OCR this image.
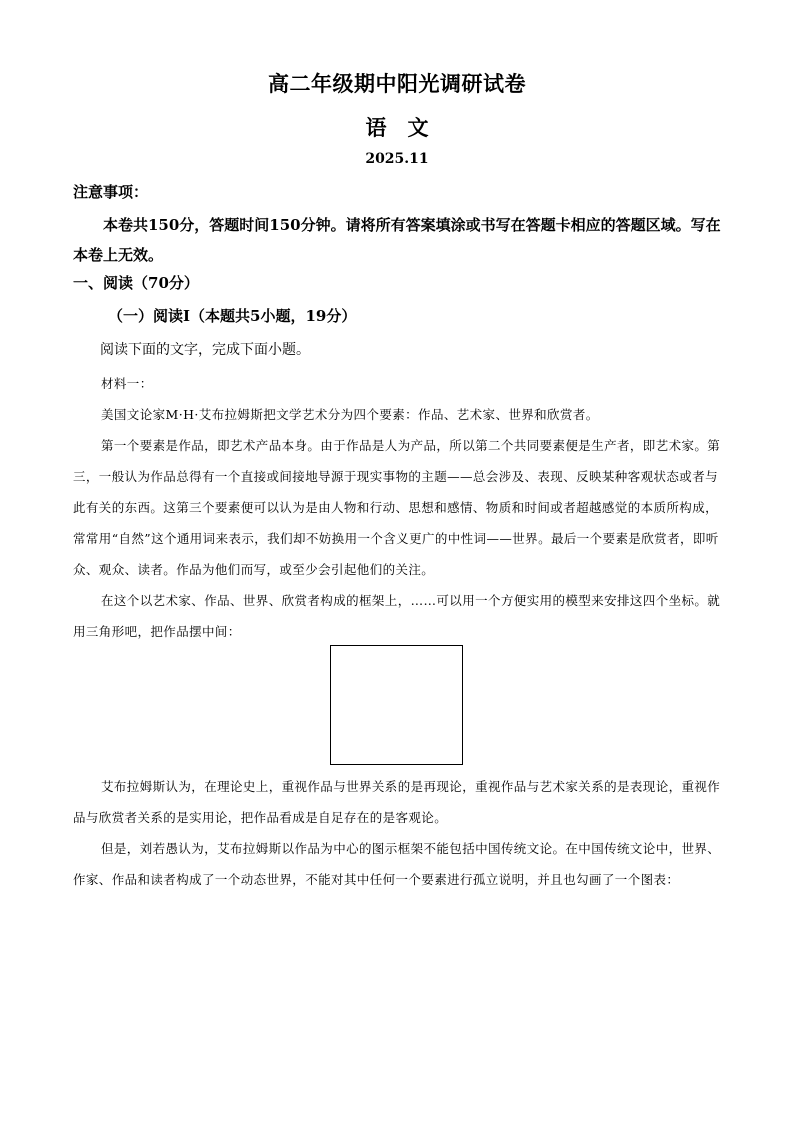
高二年级期中阳光调研试卷
语　文
2025.11
注意事项：
本卷共150分，答题时间150分钟。请将所有答案填涂或书写在答题卡相应的答题区域。写在本卷上无效。
一、阅读（70分）
（一）阅读Ⅰ（本题共5小题，19分）
阅读下面的文字，完成下面小题。
材料一：
美国文论家M·H·艾布拉姆斯把文学艺术分为四个要素：作品、艺术家、世界和欣赏者。
第一个要素是作品，即艺术产品本身。由于作品是人为产品，所以第二个共同要素便是生产者，即艺术家。第三，一般认为作品总得有一个直接或间接地导源于现实事物的主题——总会涉及、表现、反映某种客观状态或者与此有关的东西。这第三个要素便可以认为是由人物和行动、思想和感情、物质和时间或者超越感觉的本质所构成，常常用“自然”这个通用词来表示，我们却不妨换用一个含义更广的中性词——世界。最后一个要素是欣赏者，即听众、观众、读者。作品为他们而写，或至少会引起他们的关注。
在这个以艺术家、作品、世界、欣赏者构成的框架上，……可以用一个方便实用的模型来安排这四个坐标。就用三角形吧，把作品摆中间：
艾布拉姆斯认为，在理论史上，重视作品与世界关系的是再现论，重视作品与艺术家关系的是表现论，重视作品与欣赏者关系的是实用论，把作品看成是自足存在的是客观论。
但是，刘若愚认为，艾布拉姆斯以作品为中心的图示框架不能包括中国传统文论。在中国传统文论中，世界、作家、作品和读者构成了一个动态世界，不能对其中任何一个要素进行孤立说明，并且也勾画了一个图表：
